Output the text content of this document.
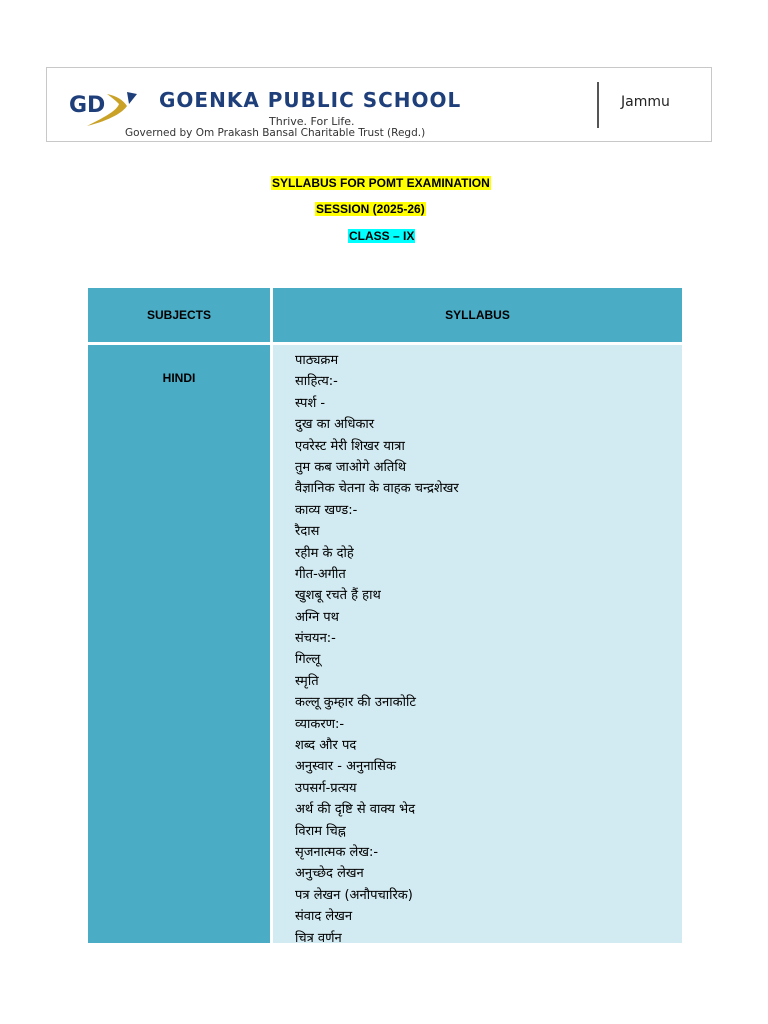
GD	GOENKA PUBLIC SCHOOL
Thrive. For Life.
Governed by Om Prakash Bansal Charitable Trust (Regd.)
Jammu
SYLLABUS FOR POMT EXAMINATION
SESSION (2025-26)
CLASS – IX
SUBJECTS	SYLLABUS
HINDI
पाठ्यक्रम
साहित्य:-
स्पर्श -
दुख का अधिकार
एवरेस्ट मेरी शिखर यात्रा
तुम कब जाओगे अतिथि
वैज्ञानिक चेतना के वाहक चन्द्रशेखर
काव्य खण्ड:-
रैदास
रहीम के दोहे
गीत-अगीत
खुशबू रचते हैं हाथ
अग्नि पथ
संचयन:-
गिल्लू
स्मृति
कल्लू कुम्हार की उनाकोटि
व्याकरण:-
शब्द और पद
अनुस्वार - अनुनासिक
उपसर्ग-प्रत्यय
अर्थ की दृष्टि से वाक्य भेद
विराम चिह्न
सृजनात्मक लेख:-
अनुच्छेद लेखन
पत्र लेखन (अनौपचारिक)
संवाद लेखन
चित्र वर्णन
